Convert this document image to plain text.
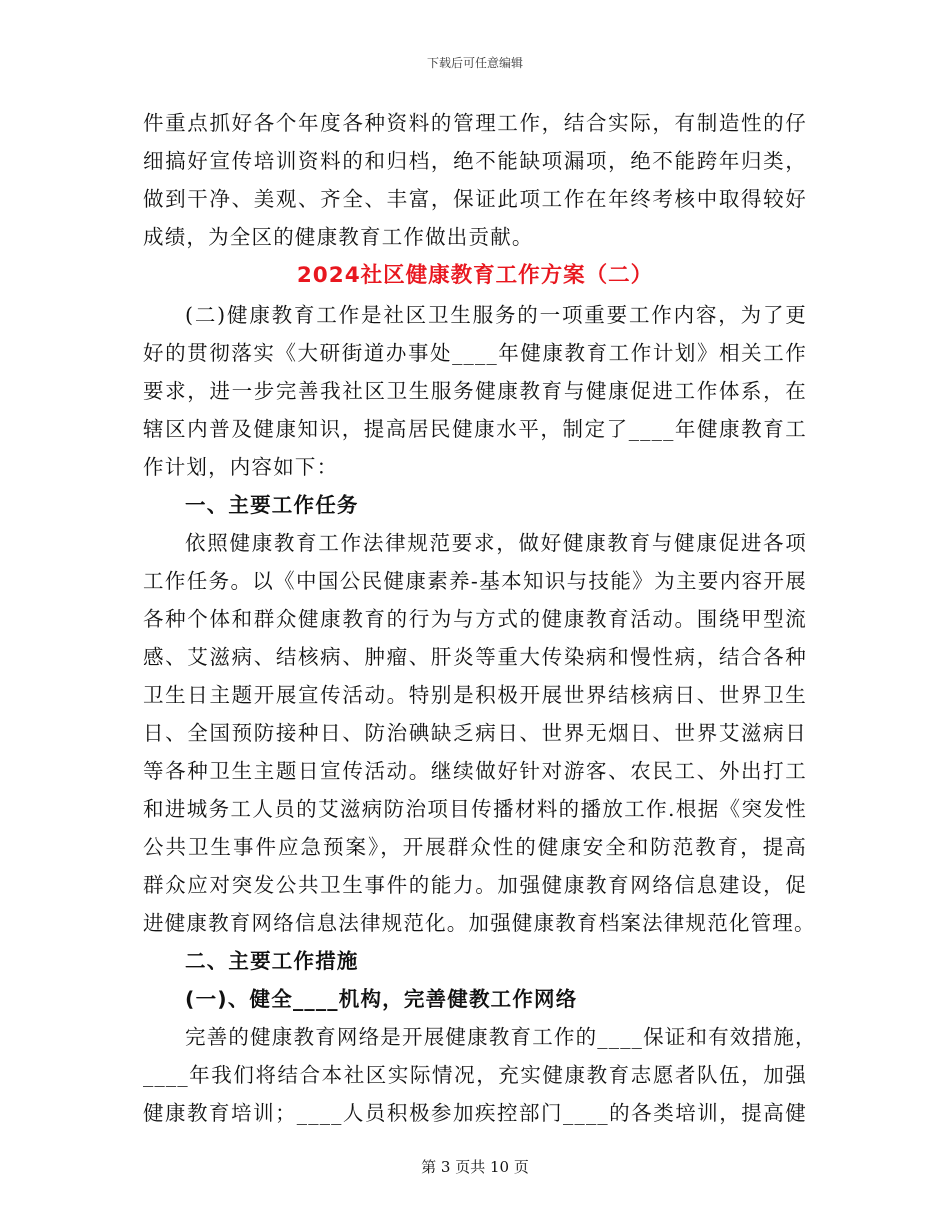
下载后可任意编辑
件重点抓好各个年度各种资料的管理工作，结合实际，有制造性的仔
细搞好宣传培训资料的和归档，绝不能缺项漏项，绝不能跨年归类，
做到干净、美观、齐全、丰富，保证此项工作在年终考核中取得较好
成绩，为全区的健康教育工作做出贡献。
2024社区健康教育工作方案（二）
(二)健康教育工作是社区卫生服务的一项重要工作内容，为了更
好的贯彻落实《大研街道办事处____年健康教育工作计划》相关工作
要求，进一步完善我社区卫生服务健康教育与健康促进工作体系，在
辖区内普及健康知识，提高居民健康水平，制定了____年健康教育工
作计划，内容如下：
一、主要工作任务
依照健康教育工作法律规范要求，做好健康教育与健康促进各项
工作任务。以《中国公民健康素养-基本知识与技能》为主要内容开展
各种个体和群众健康教育的行为与方式的健康教育活动。围绕甲型流
感、艾滋病、结核病、肿瘤、肝炎等重大传染病和慢性病，结合各种
卫生日主题开展宣传活动。特别是积极开展世界结核病日、世界卫生
日、全国预防接种日、防治碘缺乏病日、世界无烟日、世界艾滋病日
等各种卫生主题日宣传活动。继续做好针对游客、农民工、外出打工
和进城务工人员的艾滋病防治项目传播材料的播放工作.根据《突发性
公共卫生事件应急预案》，开展群众性的健康安全和防范教育，提高
群众应对突发公共卫生事件的能力。加强健康教育网络信息建设，促
进健康教育网络信息法律规范化。加强健康教育档案法律规范化管理。
二、主要工作措施
(一)、健全____机构，完善健教工作网络
完善的健康教育网络是开展健康教育工作的____保证和有效措施，
____年我们将结合本社区实际情况，充实健康教育志愿者队伍，加强
健康教育培训；____人员积极参加疾控部门____的各类培训，提高健
第 3 页共 10 页
